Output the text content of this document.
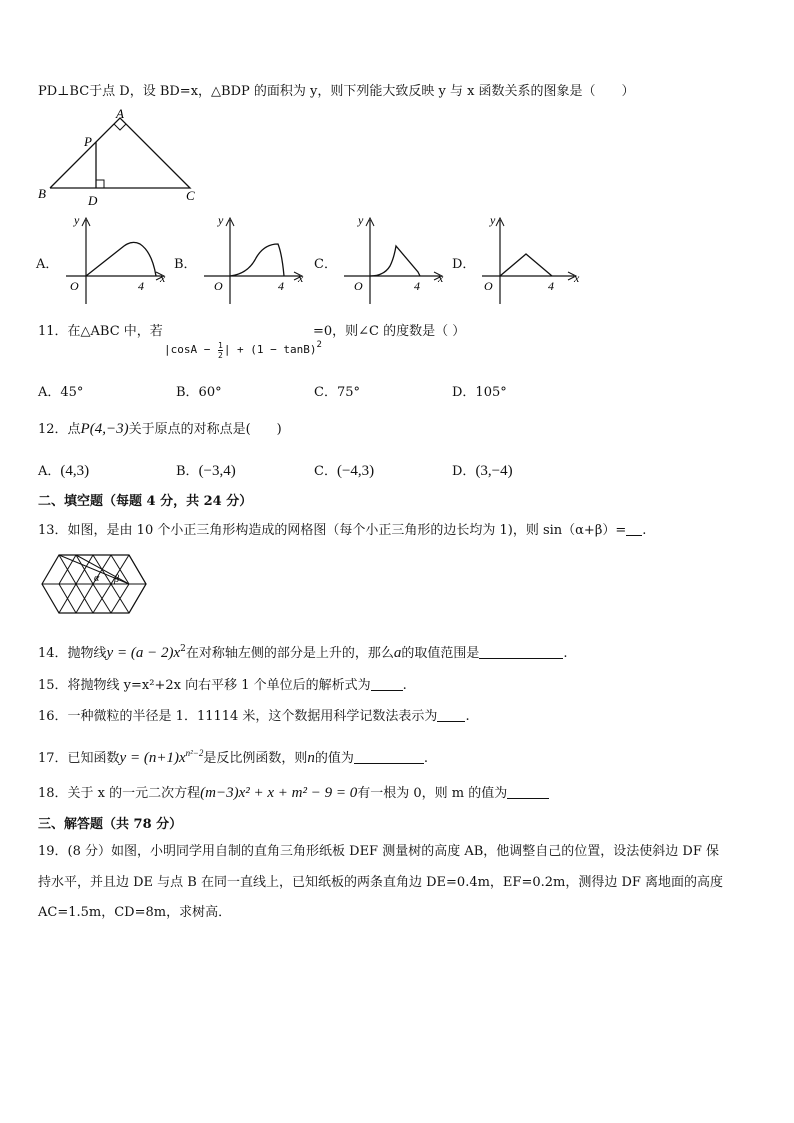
PD⊥BC于点 D，设 BD=x，△BDP 的面积为 y，则下列能大致反映 y 与 x 函数关系的图象是（　　）
A
P
B	D	C
A．
y
O	4
x
B．
y
O	4
x
C．
y
O	4
x
D．
y
O	4
x
11．在△ABC 中，若
$|\cos A - \frac{1}{2}$ | + $(1 - \tan B)^2$
=0，则∠C 的度数是（ ）
A．45°	B．60°	C．75°	D．105°
12．点P(4,−3)关于原点的对称点是(　　)
A．(4,3)	B．(−3,4)	C．(−4,3)	D．(3,−4)
二、填空题（每题 4 分，共 24 分）
13．如图，是由 10 个小正三角形构造成的网格图（每个小正三角形的边长均为 1)，则 sin（α+β）= .
α β
14．抛物线$y = (a - 2)x^2$在对称轴左侧的部分是上升的，那么a的取值范围是	.
15．将抛物线 y=x²+2x 向右平移 1 个单位后的解析式为 .
16．一种微粒的半径是 1．11114 米，这个数据用科学记数法表示为 .
17．已知函数$y = (n+1)x^{n^2-2}$是反比例函数，则n的值为	.
18．关于 x 的一元二次方程(m−3)x² + x + m² − 9 = 0有一根为 0，则 m 的值为
三、解答题（共 78 分）
19．(8 分）如图，小明同学用自制的直角三角形纸板 DEF 测量树的高度 AB，他调整自己的位置，设法使斜边 DF 保
持水平，并且边 DE 与点 B 在同一直线上，已知纸板的两条直角边 DE=0.4m，EF=0.2m，测得边 DF 离地面的高度
AC=1.5m，CD=8m，求树高．
